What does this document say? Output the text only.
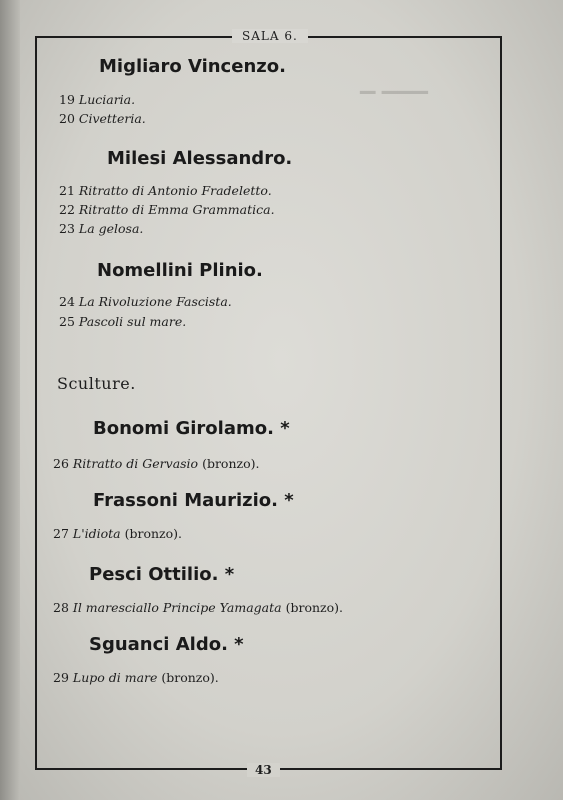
▁▁▁ ▁
SALA 6.
43
Migliaro Vincenzo.
19 Luciaria.
20 Civetteria.
Milesi Alessandro.
21 Ritratto di Antonio Fradeletto.
22 Ritratto di Emma Grammatica.
23 La gelosa.
Nomellini Plinio.
24 La Rivoluzione Fascista.
25 Pascoli sul mare.
Sculture.
Bonomi Girolamo. *
26 Ritratto di Gervasio (bronzo).
Frassoni Maurizio. *
27 L'idiota (bronzo).
Pesci Ottilio. *
28 Il maresciallo Principe Yamagata (bronzo).
Sguanci Aldo. *
29 Lupo di mare (bronzo).
